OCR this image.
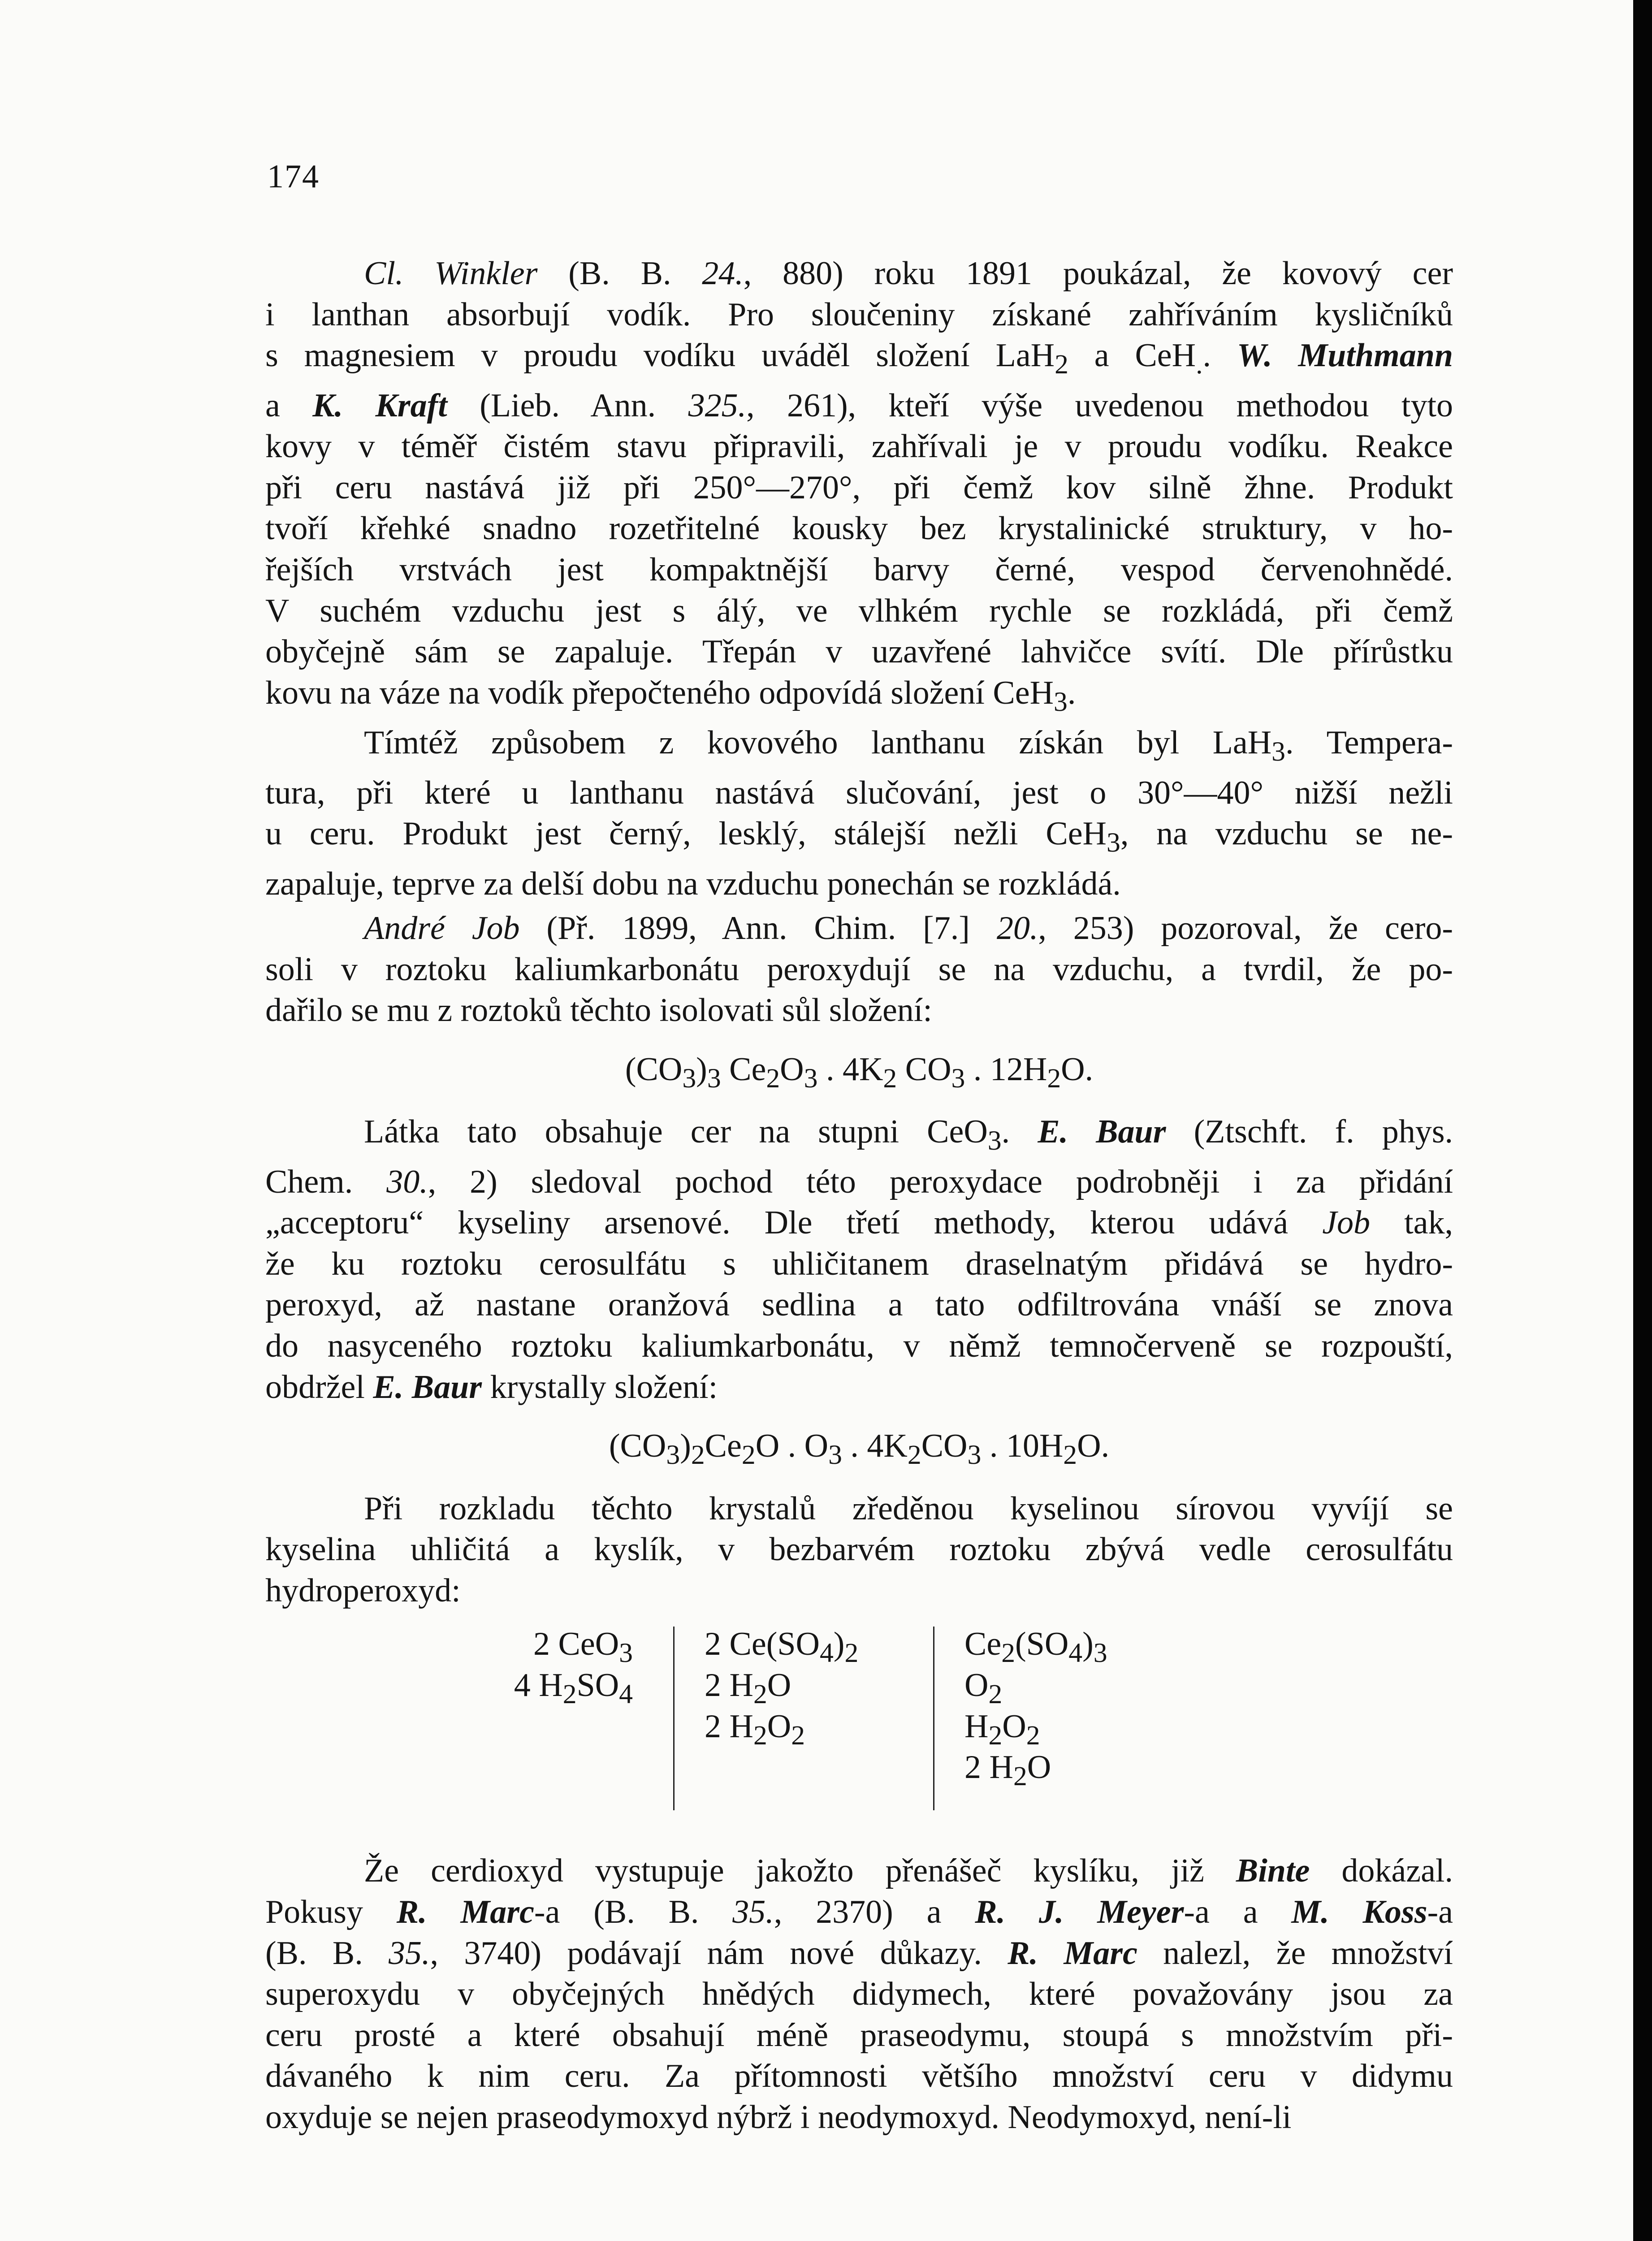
174
Cl. Winkler (B. B. 24., 880) roku 1891 poukázal, že kovový cer
i lanthan absorbují vodík. Pro sloučeniny získané zahříváním kysličníků
s magnesiem v proudu vodíku uváděl složení LaH$_2$ a CeH$_.$. W. Muthmann
a K. Kraft (Lieb. Ann. 325., 261), kteří výše uvedenou methodou tyto
kovy v téměř čistém stavu připravili, zahřívali je v proudu vodíku. Reakce
při ceru nastává již při 250°—270°, při čemž kov silně žhne. Produkt
tvoří křehké snadno rozetřitelné kousky bez krystalinické struktury, v ho-
řejších vrstvách jest kompaktnější barvy černé, vespod červenohnědé.
V suchém vzduchu jest s álý, ve vlhkém rychle se rozkládá, při čemž
obyčejně sám se zapaluje. Třepán v uzavřené lahvičce svítí. Dle přírůstku
kovu na váze na vodík přepočteného odpovídá složení CeH$_3$.
Tímtéž způsobem z kovového lanthanu získán byl LaH$_3$. Tempera-
tura, při které u lanthanu nastává slučování, jest o 30°—40° nižší nežli
u ceru. Produkt jest černý, lesklý, stálejší nežli CeH$_3$, na vzduchu se ne-
zapaluje, teprve za delší dobu na vzduchu ponechán se rozkládá.
André Job (Př. 1899, Ann. Chim. [7.] 20., 253) pozoroval, že cero-
soli v roztoku kaliumkarbonátu peroxydují se na vzduchu, a tvrdil, že po-
dařilo se mu z roztoků těchto isolovati sůl složení:

$(CO_3)_3$ $Ce_2O_3$ . $4K_2$ $CO_3$ . $12H_2O$.

Látka tato obsahuje cer na stupni CeO$_3$. E. Baur (Ztschft. f. phys.
Chem. 30., 2) sledoval pochod této peroxydace podrobněji i za přidání
„acceptoru“ kyseliny arsenové. Dle třetí methody, kterou udává Job tak,
že ku roztoku cerosulfátu s uhličitanem draselnatým přidává se hydro-
peroxyd, až nastane oranžová sedlina a tato odfiltrována vnáší se znova
do nasyceného roztoku kaliumkarbonátu, v němž temnočerveně se rozpouští,
obdržel E. Baur krystally složení:

$(CO_3)_2Ce_2O$ . $O_3$ . $4K_2CO_3$ . $10H_2O$.

Při rozkladu těchto krystalů zředěnou kyselinou sírovou vyvíjí se
kyselina uhličitá a kyslík, v bezbarvém roztoku zbývá vedle cerosulfátu
hydroperoxyd:
2 CeO$_3$
4 $H_2SO_4$
2 $Ce(SO_4)_2$
2 $H_2O$
2 $H_2O_2$
$Ce_2(SO_4)_3$
$O_2$
$H_2O_2$
2 $H_2O$
Že cerdioxyd vystupuje jakožto přenášeč kyslíku, již Binte dokázal.
Pokusy R. Marc-a (B. B. 35., 2370) a R. J. Meyer-a a M. Koss-a
(B. B. 35., 3740) podávají nám nové důkazy. R. Marc nalezl, že množství
superoxydu v obyčejných hnědých didymech, které považovány jsou za
ceru prosté a které obsahují méně praseodymu, stoupá s množstvím při-
dávaného k nim ceru. Za přítomnosti většího množství ceru v didymu
oxyduje se nejen praseodymoxyd nýbrž i neodymoxyd. Neodymoxyd, není-li
